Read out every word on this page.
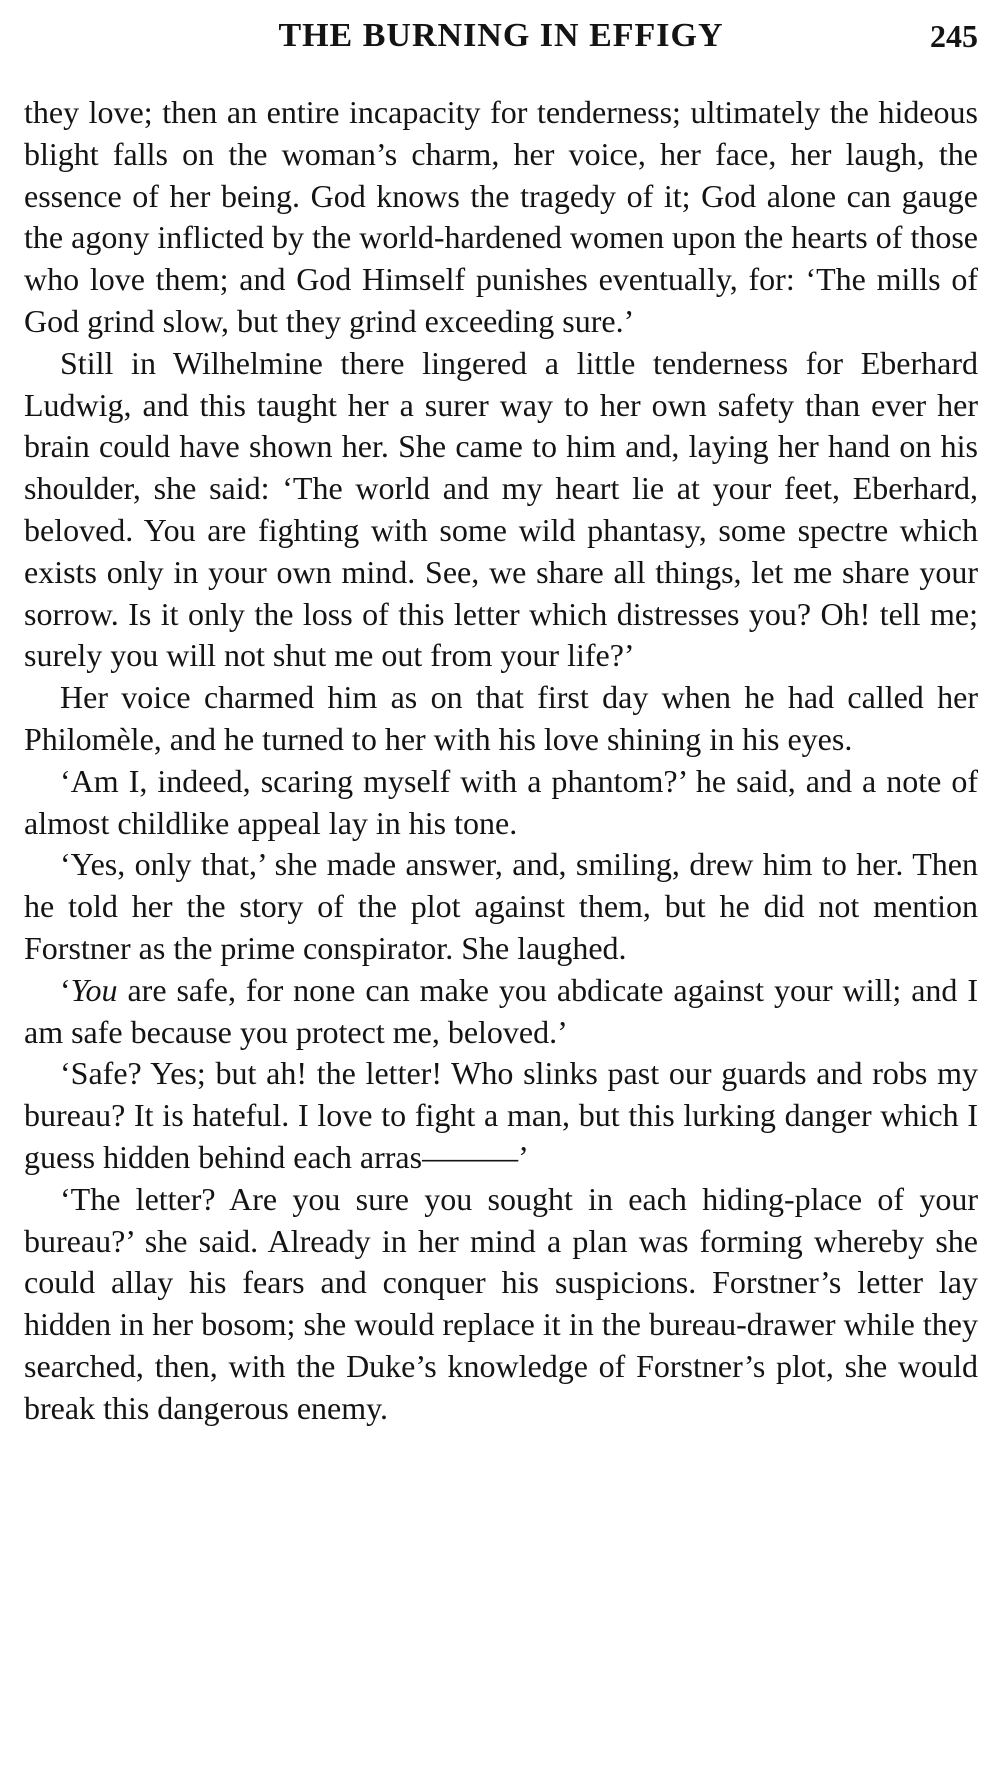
THE BURNING IN EFFIGY	245

they love; then an entire incapacity for tenderness; ultimately the hideous blight falls on the woman’s charm, her voice, her face, her laugh, the essence of her being. God knows the tragedy of it; God alone can gauge the agony inflicted by the world-hardened women upon the hearts of those who love them; and God Himself punishes eventually, for: ‘The mills of God grind slow, but they grind exceeding sure.’

Still in Wilhelmine there lingered a little tenderness for Eberhard Ludwig, and this taught her a surer way to her own safety than ever her brain could have shown her. She came to him and, laying her hand on his shoulder, she said: ‘The world and my heart lie at your feet, Eberhard, beloved. You are fighting with some wild phantasy, some spectre which exists only in your own mind. See, we share all things, let me share your sorrow. Is it only the loss of this letter which distresses you? Oh! tell me; surely you will not shut me out from your life?’

Her voice charmed him as on that first day when he had called her Philomèle, and he turned to her with his love shining in his eyes.

‘Am I, indeed, scaring myself with a phantom?’ he said, and a note of almost childlike appeal lay in his tone.

‘Yes, only that,’ she made answer, and, smiling, drew him to her. Then he told her the story of the plot against them, but he did not mention Forstner as the prime conspirator. She laughed.

‘You are safe, for none can make you abdicate against your will; and I am safe because you protect me, beloved.’

‘Safe? Yes; but ah! the letter! Who slinks past our guards and robs my bureau? It is hateful. I love to fight a man, but this lurking danger which I guess hidden behind each arras———’

‘The letter? Are you sure you sought in each hiding-place of your bureau?’ she said. Already in her mind a plan was forming whereby she could allay his fears and conquer his suspicions. Forstner’s letter lay hidden in her bosom; she would replace it in the bureau-drawer while they searched, then, with the Duke’s knowledge of Forstner’s plot, she would break this dangerous enemy.
